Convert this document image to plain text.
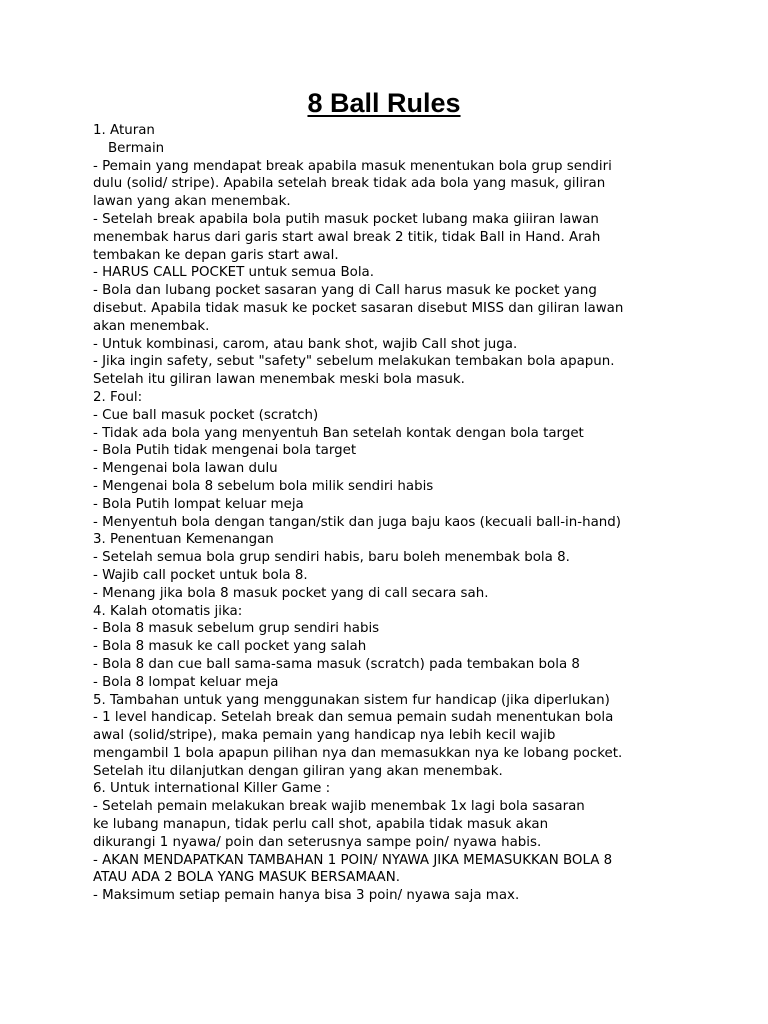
8 Ball Rules
1. Aturan
Bermain
- Pemain yang mendapat break apabila masuk menentukan bola grup sendiri
dulu (solid/ stripe). Apabila setelah break tidak ada bola yang masuk, giliran
lawan yang akan menembak.
- Setelah break apabila bola putih masuk pocket lubang maka giiiran lawan
menembak harus dari garis start awal break 2 titik, tidak Ball in Hand. Arah
tembakan ke depan garis start awal.
- HARUS CALL POCKET untuk semua Bola.
- Bola dan lubang pocket sasaran yang di Call harus masuk ke pocket yang
disebut. Apabila tidak masuk ke pocket sasaran disebut MISS dan giliran lawan
akan menembak.
- Untuk kombinasi, carom, atau bank shot, wajib Call shot juga.
- Jika ingin safety, sebut "safety" sebelum melakukan tembakan bola apapun.
Setelah itu giliran lawan menembak meski bola masuk.
2. Foul:
- Cue ball masuk pocket (scratch)
- Tidak ada bola yang menyentuh Ban setelah kontak dengan bola target
- Bola Putih tidak mengenai bola target
- Mengenai bola lawan dulu
- Mengenai bola 8 sebelum bola milik sendiri habis
- Bola Putih lompat keluar meja
- Menyentuh bola dengan tangan/stik dan juga baju kaos (kecuali ball-in-hand)
3. Penentuan Kemenangan
- Setelah semua bola grup sendiri habis, baru boleh menembak bola 8.
- Wajib call pocket untuk bola 8.
- Menang jika bola 8 masuk pocket yang di call secara sah.
4. Kalah otomatis jika:
- Bola 8 masuk sebelum grup sendiri habis
- Bola 8 masuk ke call pocket yang salah
- Bola 8 dan cue ball sama-sama masuk (scratch) pada tembakan bola 8
- Bola 8 lompat keluar meja
5. Tambahan untuk yang menggunakan sistem fur handicap (jika diperlukan)
- 1 level handicap. Setelah break dan semua pemain sudah menentukan bola
awal (solid/stripe), maka pemain yang handicap nya lebih kecil wajib
mengambil 1 bola apapun pilihan nya dan memasukkan nya ke lobang pocket.
Setelah itu dilanjutkan dengan giliran yang akan menembak.
6. Untuk international Killer Game :
- Setelah pemain melakukan break wajib menembak 1x lagi bola sasaran
ke lubang manapun, tidak perlu call shot, apabila tidak masuk akan
dikurangi 1 nyawa/ poin dan seterusnya sampe poin/ nyawa habis.
- AKAN MENDAPATKAN TAMBAHAN 1 POIN/ NYAWA JIKA MEMASUKKAN BOLA 8
ATAU ADA 2 BOLA YANG MASUK BERSAMAAN.
- Maksimum setiap pemain hanya bisa 3 poin/ nyawa saja max.
